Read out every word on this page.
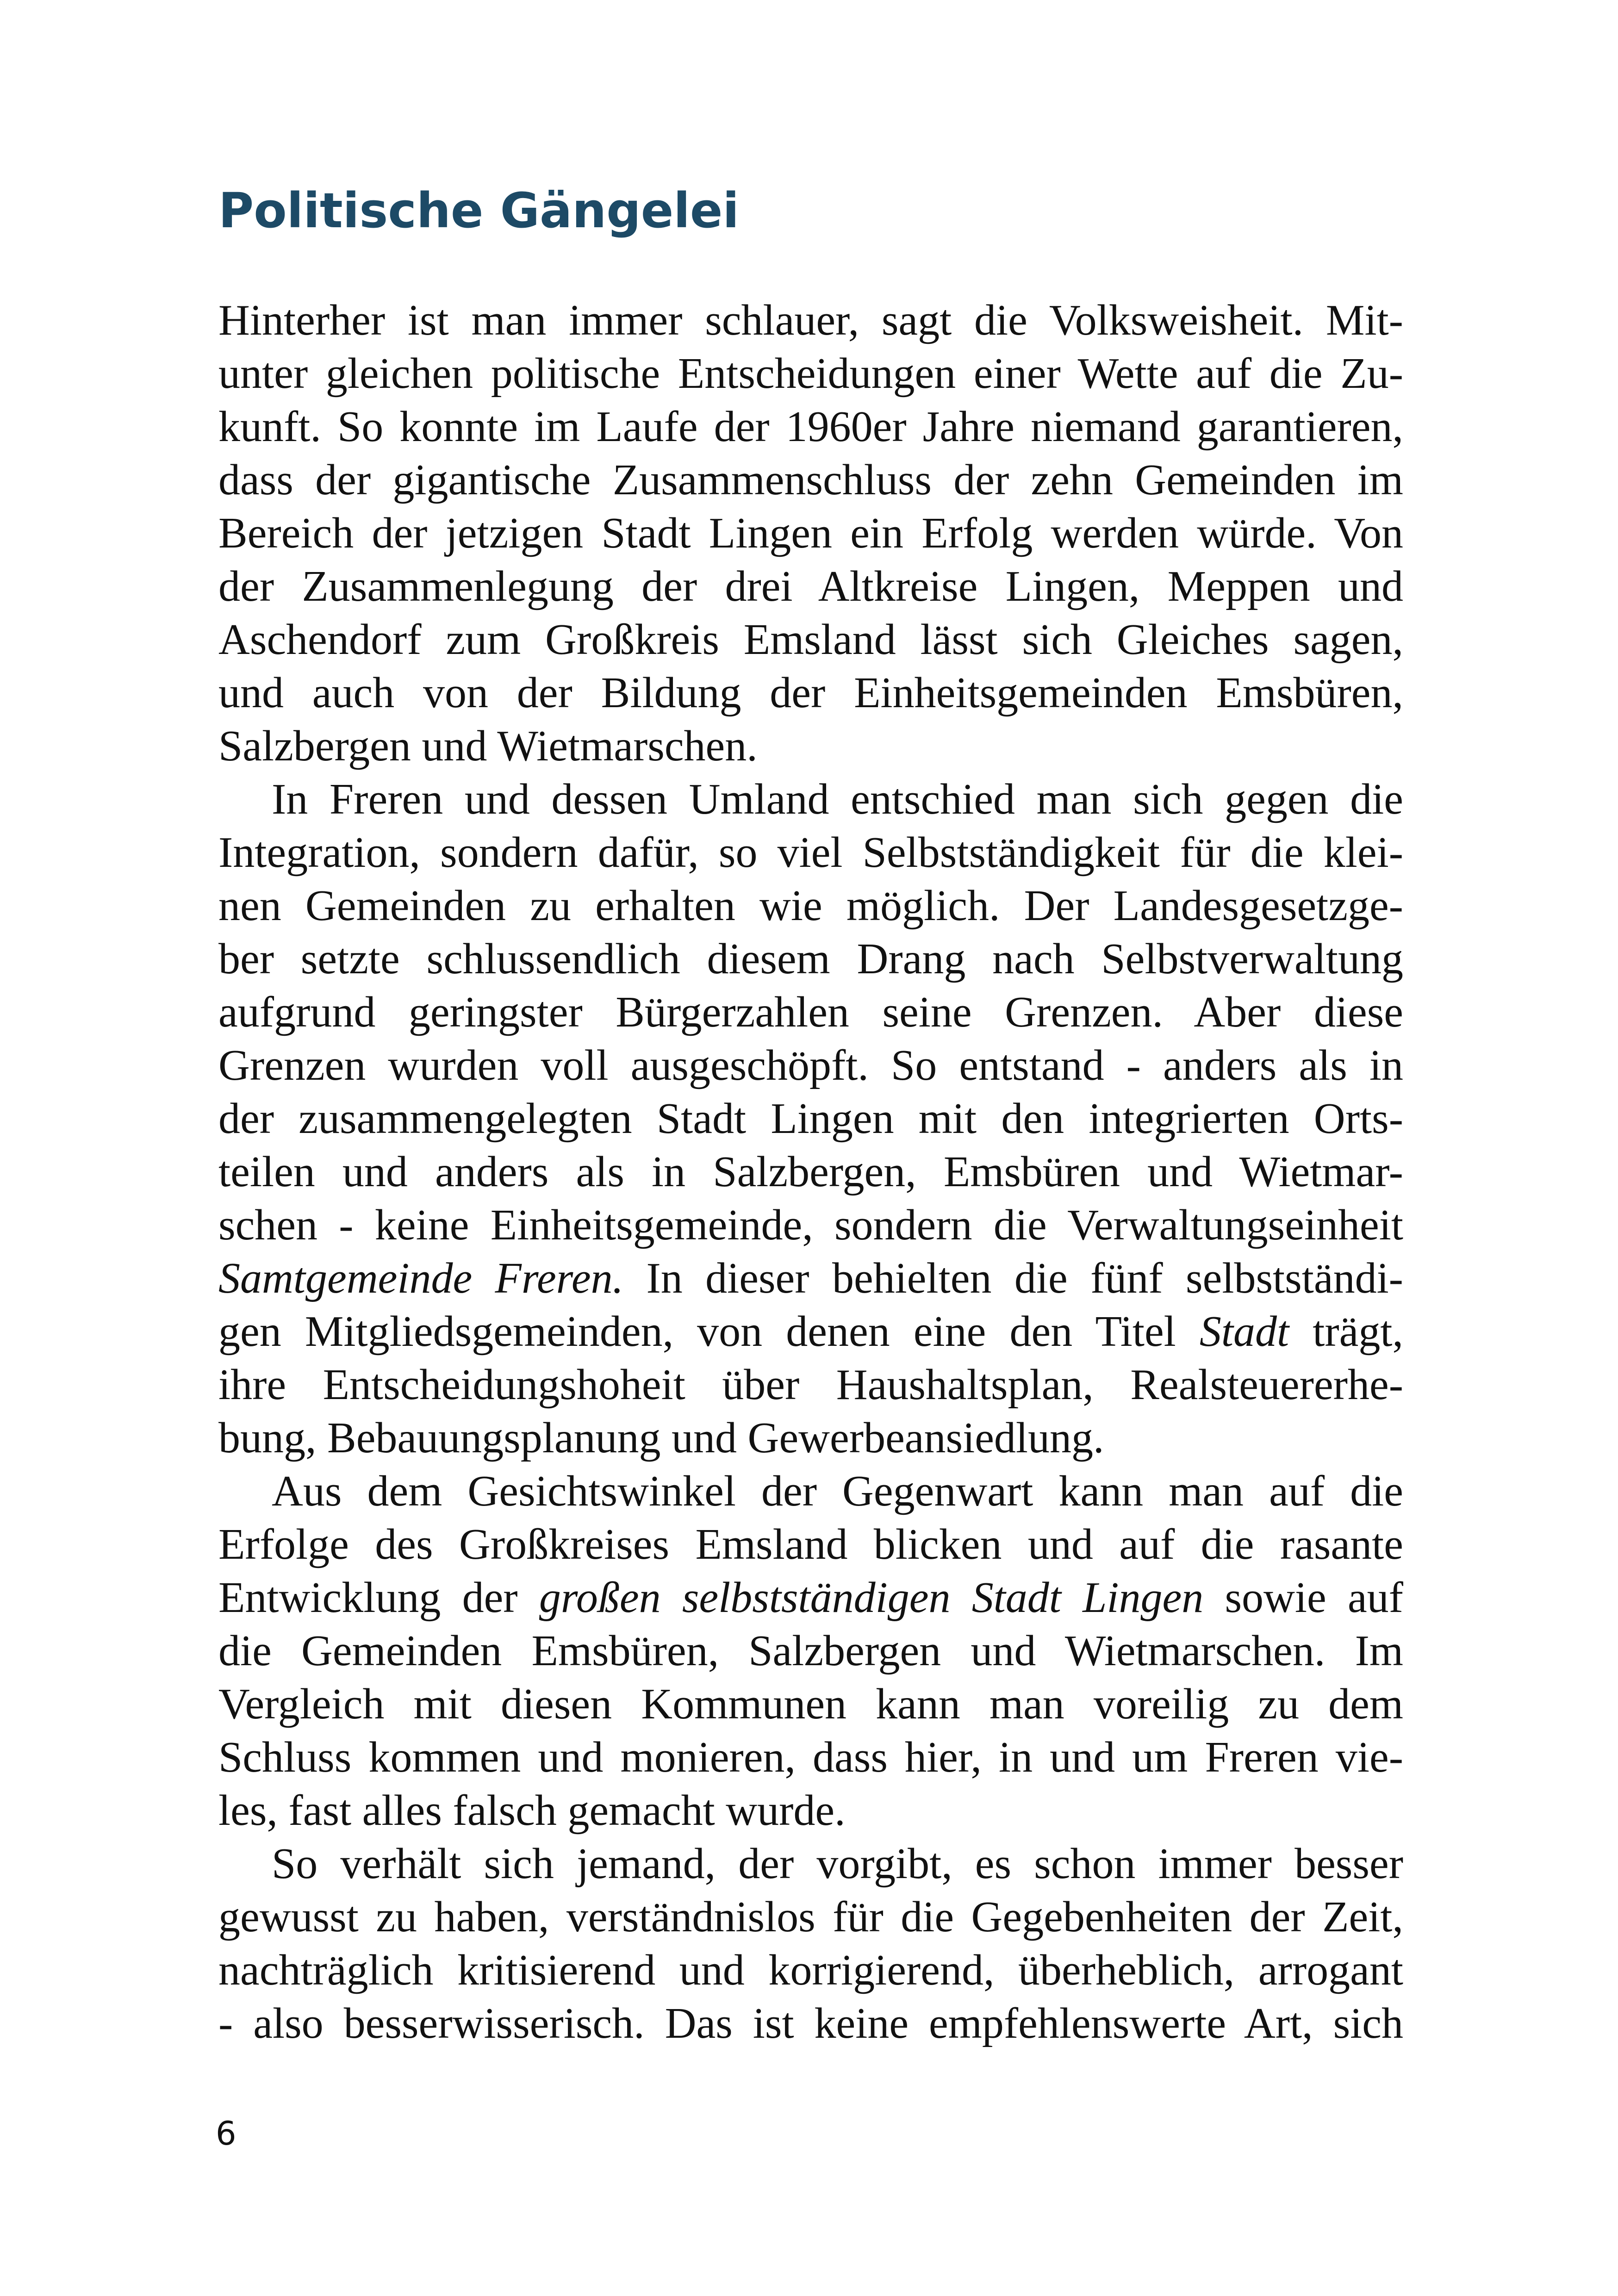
Politische Gängelei
Hinterher ist man immer schlauer, sagt die Volksweisheit. Mit-
unter gleichen politische Entscheidungen einer Wette auf die Zu-
kunft. So konnte im Laufe der 1960er Jahre niemand garantieren,
dass der gigantische Zusammenschluss der zehn Gemeinden im
Bereich der jetzigen Stadt Lingen ein Erfolg werden würde. Von
der Zusammenlegung der drei Altkreise Lingen, Meppen und
Aschendorf zum Großkreis Emsland lässt sich Gleiches sagen,
und auch von der Bildung der Einheitsgemeinden Emsbüren,
Salzbergen und Wietmarschen.
In Freren und dessen Umland entschied man sich gegen die
Integration, sondern dafür, so viel Selbstständigkeit für die klei-
nen Gemeinden zu erhalten wie möglich. Der Landesgesetzge-
ber setzte schlussendlich diesem Drang nach Selbstverwaltung
aufgrund geringster Bürgerzahlen seine Grenzen. Aber diese
Grenzen wurden voll ausgeschöpft. So entstand - anders als in
der zusammengelegten Stadt Lingen mit den integrierten Orts-
teilen und anders als in Salzbergen, Emsbüren und Wietmar-
schen - keine Einheitsgemeinde, sondern die Verwaltungseinheit
Samtgemeinde Freren. In dieser behielten die fünf selbstständi-
gen Mitgliedsgemeinden, von denen eine den Titel Stadt trägt,
ihre Entscheidungshoheit über Haushaltsplan, Realsteuererhe-
bung, Bebauungsplanung und Gewerbeansiedlung.
Aus dem Gesichtswinkel der Gegenwart kann man auf die
Erfolge des Großkreises Emsland blicken und auf die rasante
Entwicklung der großen selbstständigen Stadt Lingen sowie auf
die Gemeinden Emsbüren, Salzbergen und Wietmarschen. Im
Vergleich mit diesen Kommunen kann man voreilig zu dem
Schluss kommen und monieren, dass hier, in und um Freren vie-
les, fast alles falsch gemacht wurde.
So verhält sich jemand, der vorgibt, es schon immer besser
gewusst zu haben, verständnislos für die Gegebenheiten der Zeit,
nachträglich kritisierend und korrigierend, überheblich, arrogant
- also besserwisserisch. Das ist keine empfehlenswerte Art, sich
6
